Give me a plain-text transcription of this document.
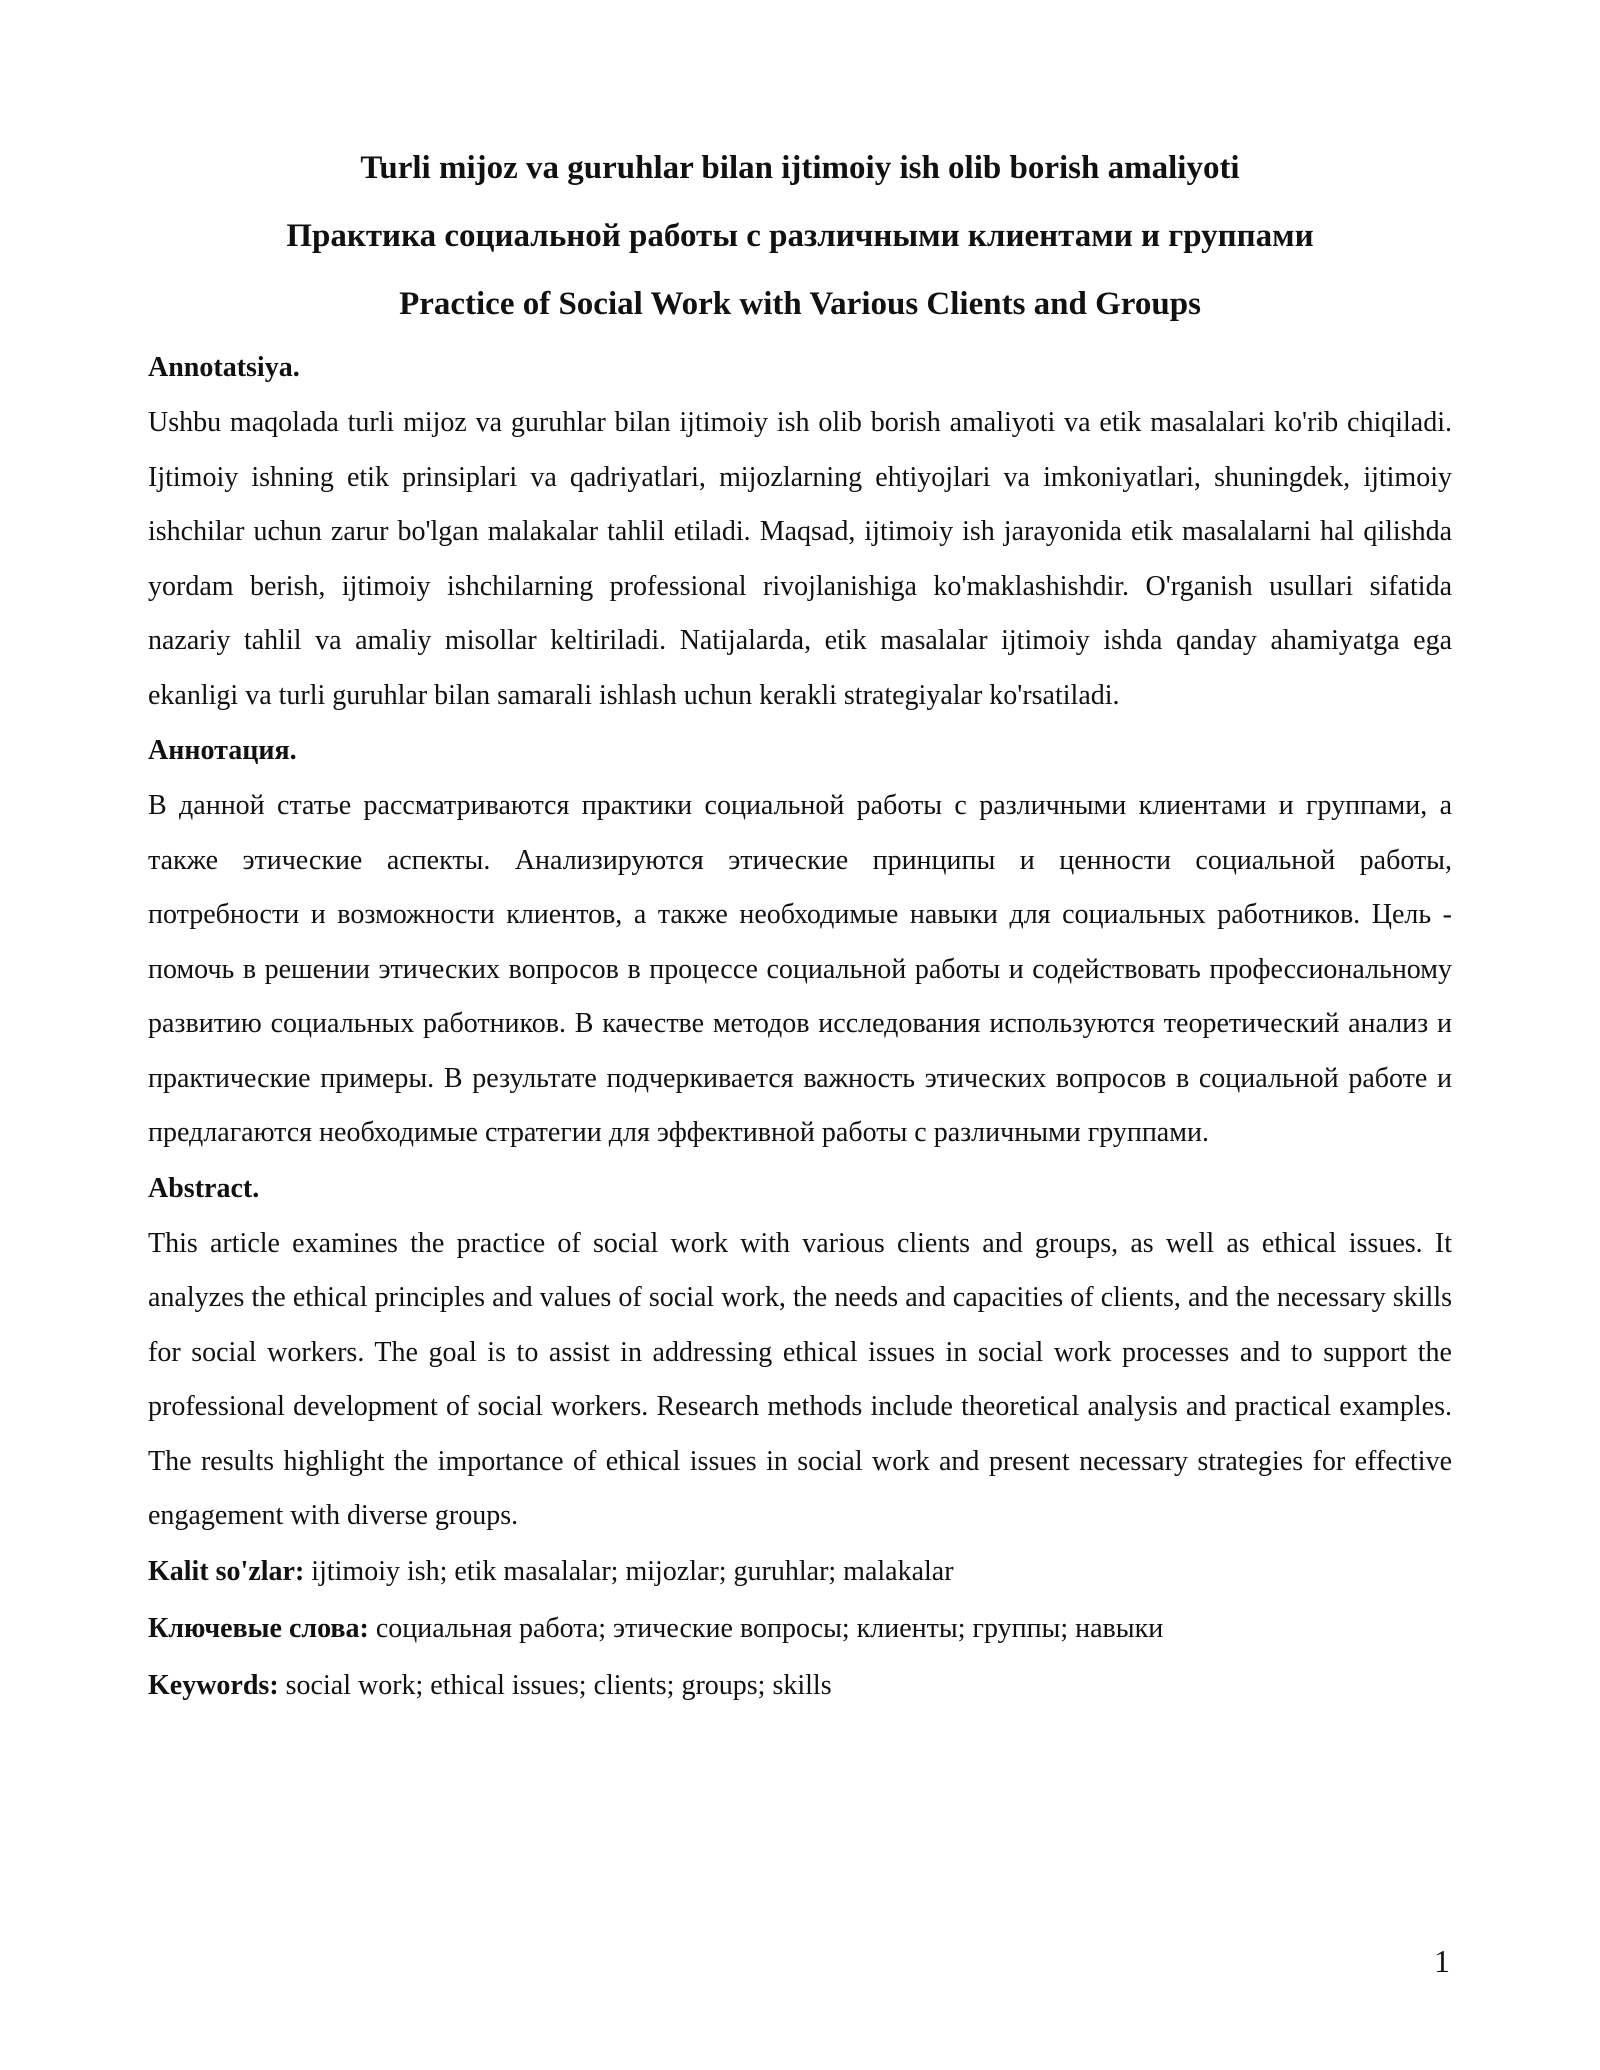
Turli mijoz va guruhlar bilan ijtimoiy ish olib borish amaliyoti
Практика социальной работы с различными клиентами и группами
Practice of Social Work with Various Clients and Groups
Annotatsiya.

Ushbu maqolada turli mijoz va guruhlar bilan ijtimoiy ish olib borish amaliyoti va etik masalalari ko'rib chiqiladi. Ijtimoiy ishning etik prinsiplari va qadriyatlari, mijozlarning ehtiyojlari va imkoniyatlari, shuningdek, ijtimoiy ishchilar uchun zarur bo'lgan malakalar tahlil etiladi. Maqsad, ijtimoiy ish jarayonida etik masalalarni hal qilishda yordam berish, ijtimoiy ishchilarning professional rivojlanishiga ko'maklashishdir. O'rganish usullari sifatida nazariy tahlil va amaliy misollar keltiriladi. Natijalarda, etik masalalar ijtimoiy ishda qanday ahamiyatga ega ekanligi va turli guruhlar bilan samarali ishlash uchun kerakli strategiyalar ko'rsatiladi.

Аннотация.

В данной статье рассматриваются практики социальной работы с различными клиентами и группами, а также этические аспекты. Анализируются этические принципы и ценности социальной работы, потребности и возможности клиентов, а также необходимые навыки для социальных работников. Цель - помочь в решении этических вопросов в процессе социальной работы и содействовать профессиональному развитию социальных работников. В качестве методов исследования используются теоретический анализ и практические примеры. В результате подчеркивается важность этических вопросов в социальной работе и предлагаются необходимые стратегии для эффективной работы с различными группами.

Abstract.

This article examines the practice of social work with various clients and groups, as well as ethical issues. It analyzes the ethical principles and values of social work, the needs and capacities of clients, and the necessary skills for social workers. The goal is to assist in addressing ethical issues in social work processes and to support the professional development of social workers. Research methods include theoretical analysis and practical examples. The results highlight the importance of ethical issues in social work and present necessary strategies for effective engagement with diverse groups.

Kalit so'zlar: ijtimoiy ish; etik masalalar; mijozlar; guruhlar; malakalar
Ключевые слова: социальная работа; этические вопросы; клиенты; группы; навыки
Keywords: social work; ethical issues; clients; groups; skills
1
